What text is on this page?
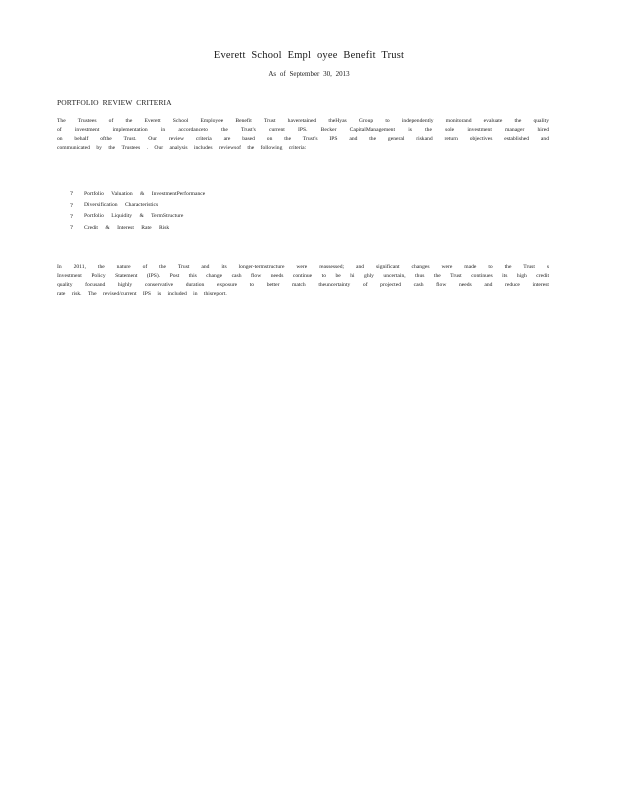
Everett School Empl oyee Benefit Trust
As of September 30, 2013
PORTFOLIO REVIEW CRITERIA
The Trustees of the Everett School Employee Benefit Trust haveretained theHyas Group to independently monitorand evaluate the quality
of investment implementation in accordanceto the Trust's current IPS. Becker CapitalManagement is the sole investment manager hired
on behalf ofthe Trust. Our review criteria are based on the Trust's IPS and the general riskand return objectives established and
communicated by the Trustees . Our analysis includes reviewsof the following criteria:
?	Portfolio Valuation & InvestmentPerformance
?	Diversification Characteristics
?	Portfolio Liquidity & TermStructure
?	Credit & Interest Rate Risk
In 2011, the nature of the Trust and its longer-termstructure were reassessed; and significant changes were made to the Trust s
Investment Policy Statement (IPS). Post this change cash flow needs continue to be hi ghly uncertain, thus the Trust continues its high credit
quality focusand highly conservative duration exposure to better match theuncertainty of projected cash flow needs and reduce interest
rate risk. The revised/current IPS is included in thisreport.
